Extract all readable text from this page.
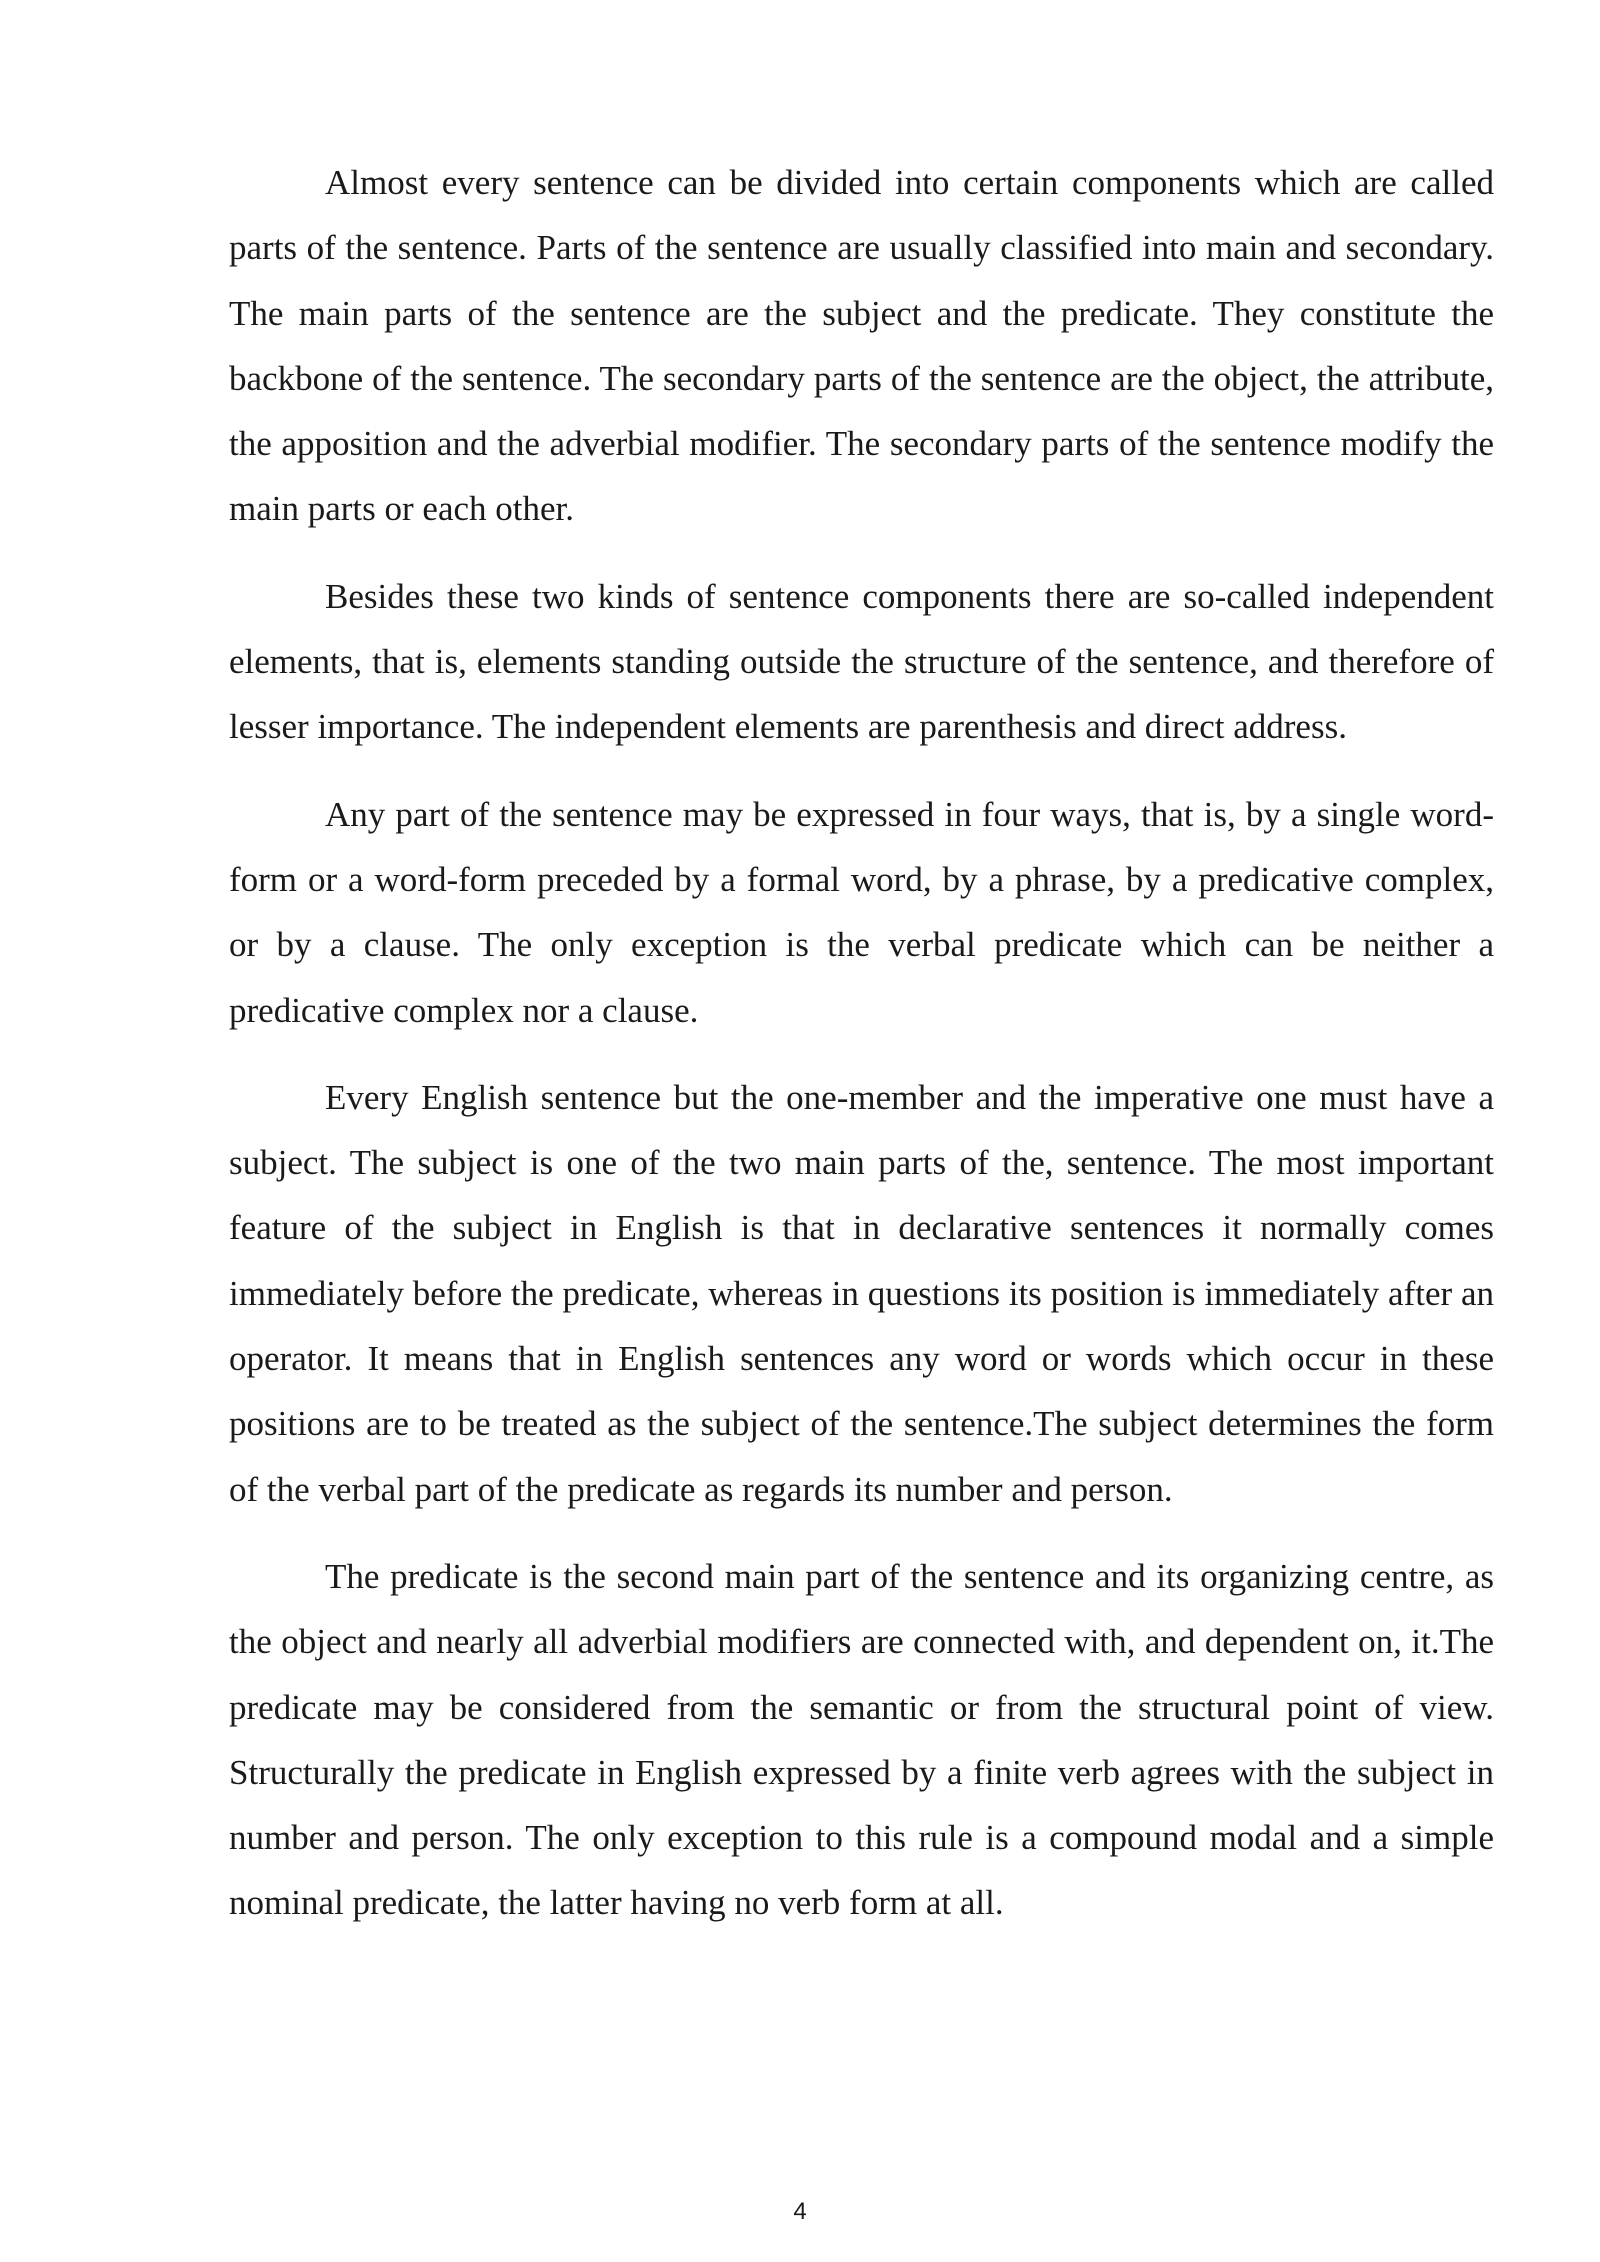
Almost every sentence can be divided into certain components which are called parts of the sentence. Parts of the sentence are usually classified into main and secondary. The main parts of the sentence are the subject and the predicate. They constitute the backbone of the sentence. The secondary parts of the sentence are the object, the attribute, the apposition and the adverbial modifier. The secondary parts of the sentence modify the main parts or each other.

Besides these two kinds of sentence components there are so-called independent elements, that is, elements standing outside the structure of the sentence, and therefore of lesser importance. The independent elements are parenthesis and direct address.

Any part of the sentence may be expressed in four ways, that is, by a single word-form or a word-form preceded by a formal word, by a phrase, by a predicative complex, or by a clause. The only exception is the verbal predicate which can be neither a predicative complex nor a clause.

Every English sentence but the one-member and the imperative one must have a subject. The subject is one of the two main parts of the, sentence. The most important feature of the subject in English is that in declarative sentences it normally comes immediately before the predicate, whereas in questions its position is immediately after an operator. It means that in English sentences any word or words which occur in these positions are to be treated as the subject of the sentence.The subject determines the form of the verbal part of the predicate as regards its number and person.

The predicate is the second main part of the sentence and its organizing centre, as the object and nearly all adverbial modifiers are connected with, and dependent on, it.The predicate may be considered from the semantic or from the structural point of view. Structurally the predicate in English expressed by a finite verb agrees with the subject in number and person. The only exception to this rule is a compound modal and a simple nominal predicate, the latter having no verb form at all.

4
